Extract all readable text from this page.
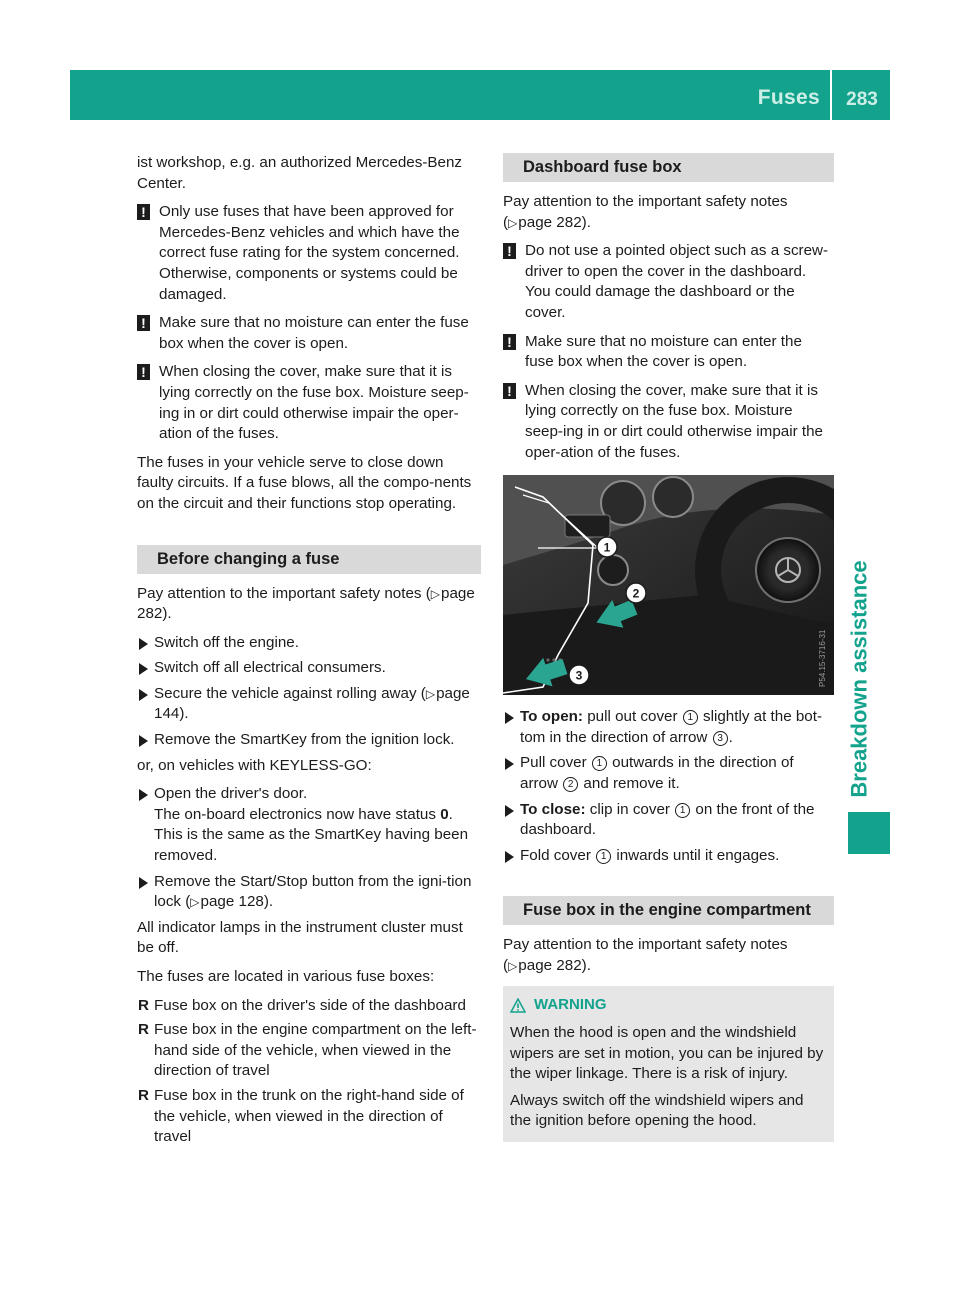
Fuses	283
Breakdown assistance

ist workshop, e.g. an authorized Mercedes-Benz Center.

! Only use fuses that have been approved for Mercedes-Benz vehicles and which have the correct fuse rating for the system concerned. Otherwise, components or systems could be damaged.
! Make sure that no moisture can enter the fuse box when the cover is open.
! When closing the cover, make sure that it is lying correctly on the fuse box. Moisture seep-ing in or dirt could otherwise impair the oper-ation of the fuses.

The fuses in your vehicle serve to close down faulty circuits. If a fuse blows, all the compo-nents on the circuit and their functions stop operating.

Before changing a fuse

Pay attention to the important safety notes (▷page 282).

Switch off the engine.
Switch off all electrical consumers.
Secure the vehicle against rolling away (▷page 144).
Remove the SmartKey from the ignition lock.

or, on vehicles with KEYLESS-GO:

Open the driver's door.
The on-board electronics now have status 0.
This is the same as the SmartKey having been removed.
Remove the Start/Stop button from the igni-tion lock (▷page 128).

All indicator lamps in the instrument cluster must be off.

The fuses are located in various fuse boxes:

R Fuse box on the driver's side of the dashboard
R Fuse box in the engine compartment on the left-hand side of the vehicle, when viewed in the direction of travel
R Fuse box in the trunk on the right-hand side of the vehicle, when viewed in the direction of travel
Dashboard fuse box

Pay attention to the important safety notes (▷page 282).

! Do not use a pointed object such as a screw-driver to open the cover in the dashboard. You could damage the dashboard or the cover.
! Make sure that no moisture can enter the fuse box when the cover is open.
! When closing the cover, make sure that it is lying correctly on the fuse box. Moisture seep-ing in or dirt could otherwise impair the oper-ation of the fuses.
1
2
3	P54.15-3716-31
To open: pull out cover 1 slightly at the bot-tom in the direction of arrow 3 .
Pull cover 1 outwards in the direction of arrow 2 and remove it.
To close: clip in cover 1 on the front of the dashboard.
Fold cover 1 inwards until it engages.
Fuse box in the engine compartment

Pay attention to the important safety notes (▷page 282).

WARNING

When the hood is open and the windshield wipers are set in motion, you can be injured by the wiper linkage. There is a risk of injury.

Always switch off the windshield wipers and the ignition before opening the hood.
